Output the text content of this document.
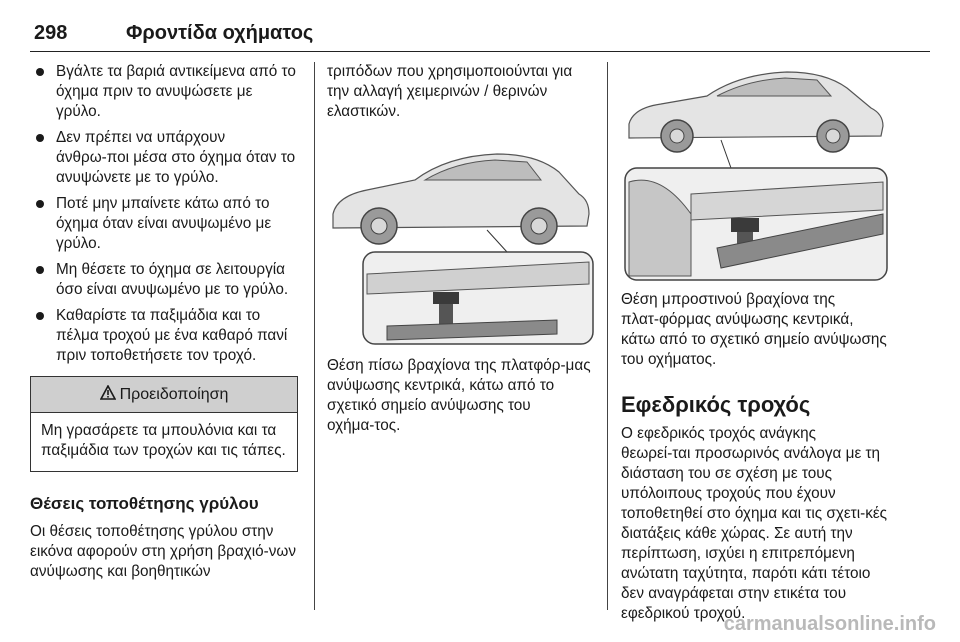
298	Φροντίδα οχήματος
Βγάλτε τα βαριά αντικείμενα από το όχημα πριν το ανυψώσετε με γρύλο.
Δεν πρέπει να υπάρχουν άνθρω‑ποι μέσα στο όχημα όταν το ανυψώνετε με το γρύλο.
Ποτέ μην μπαίνετε κάτω από το όχημα όταν είναι ανυψωμένο με γρύλο.
Μη θέσετε το όχημα σε λειτουργία όσο είναι ανυψωμένο με το γρύλο.
Καθαρίστε τα παξιμάδια και το πέλμα τροχού με ένα καθαρό πανί πριν τοποθετήσετε τον τροχό.
Προειδοποίηση
Μη γρασάρετε τα μπουλόνια και τα παξιμάδια των τροχών και τις τάπες.
Θέσεις τοποθέτησης γρύλου
Οι θέσεις τοποθέτησης γρύλου στην εικόνα αφορούν στη χρήση βραχιό‑νων ανύψωσης και βοηθητικών
τριπόδων που χρησιμοποιούνται για την αλλαγή χειμερινών / θερινών ελαστικών.
Θέση πίσω βραχίονα της πλατφόρ‑μας ανύψωσης κεντρικά, κάτω από το σχετικό σημείο ανύψωσης του οχήμα‑τος.
Θέση μπροστινού βραχίονα της πλατ‑φόρμας ανύψωσης κεντρικά, κάτω από το σχετικό σημείο ανύψωσης του οχήματος.
Εφεδρικός τροχός
Ο εφεδρικός τροχός ανάγκης θεωρεί‑ται προσωρινός ανάλογα με τη διάσταση του σε σχέση με τους υπόλοιπους τροχούς που έχουν τοποθετηθεί στο όχημα και τις σχετι‑κές διατάξεις κάθε χώρας. Σε αυτή την περίπτωση, ισχύει η επιτρεπόμενη ανώτατη ταχύτητα, παρότι κάτι τέτοιο δεν αναγράφεται στην ετικέτα του εφεδρικού τροχού.
carmanualsonline.info
